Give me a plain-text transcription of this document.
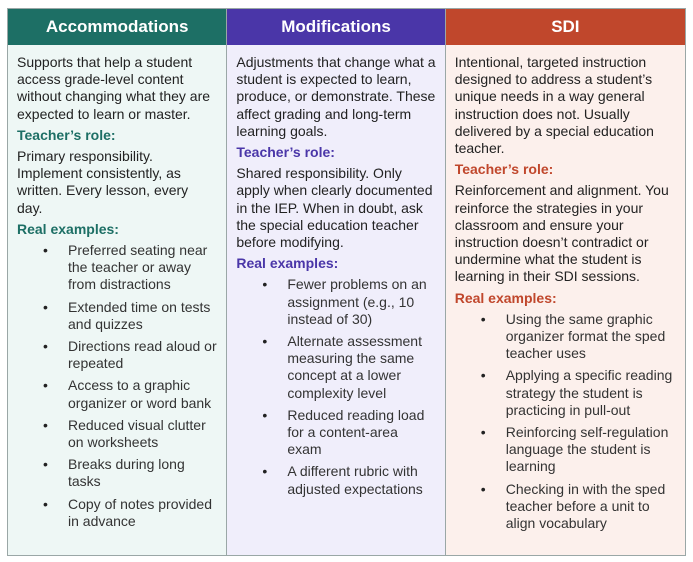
Accommodations

Supports that help a student access grade-level content without changing what they are expected to learn or master.

Teacher’s role:

Primary responsibility. Implement consistently, as written. Every lesson, every day.

Real examples:
• Preferred seating near the teacher or away from distractions
• Extended time on tests and quizzes
• Directions read aloud or repeated
• Access to a graphic organizer or word bank
• Reduced visual clutter on worksheets
• Breaks during long tasks
• Copy of notes provided in advance
Modifications

Adjustments that change what a student is expected to learn, produce, or demonstrate. These affect grading and long-term learning goals.

Teacher’s role:

Shared responsibility. Only apply when clearly documented in the IEP. When in doubt, ask the special education teacher before modifying.

Real examples:
• Fewer problems on an assignment (e.g., 10 instead of 30)
• Alternate assessment measuring the same concept at a lower complexity level
• Reduced reading load for a content-area exam
• A different rubric with adjusted expectations
SDI

Intentional, targeted instruction designed to address a student’s unique needs in a way general instruction does not. Usually delivered by a special education teacher.

Teacher’s role:

Reinforcement and alignment. You reinforce the strategies in your classroom and ensure your instruction doesn’t contradict or undermine what the student is learning in their SDI sessions.

Real examples:
• Using the same graphic organizer format the sped teacher uses
• Applying a specific reading strategy the student is practicing in pull-out
• Reinforcing self-regulation language the student is learning
• Checking in with the sped teacher before a unit to align vocabulary
